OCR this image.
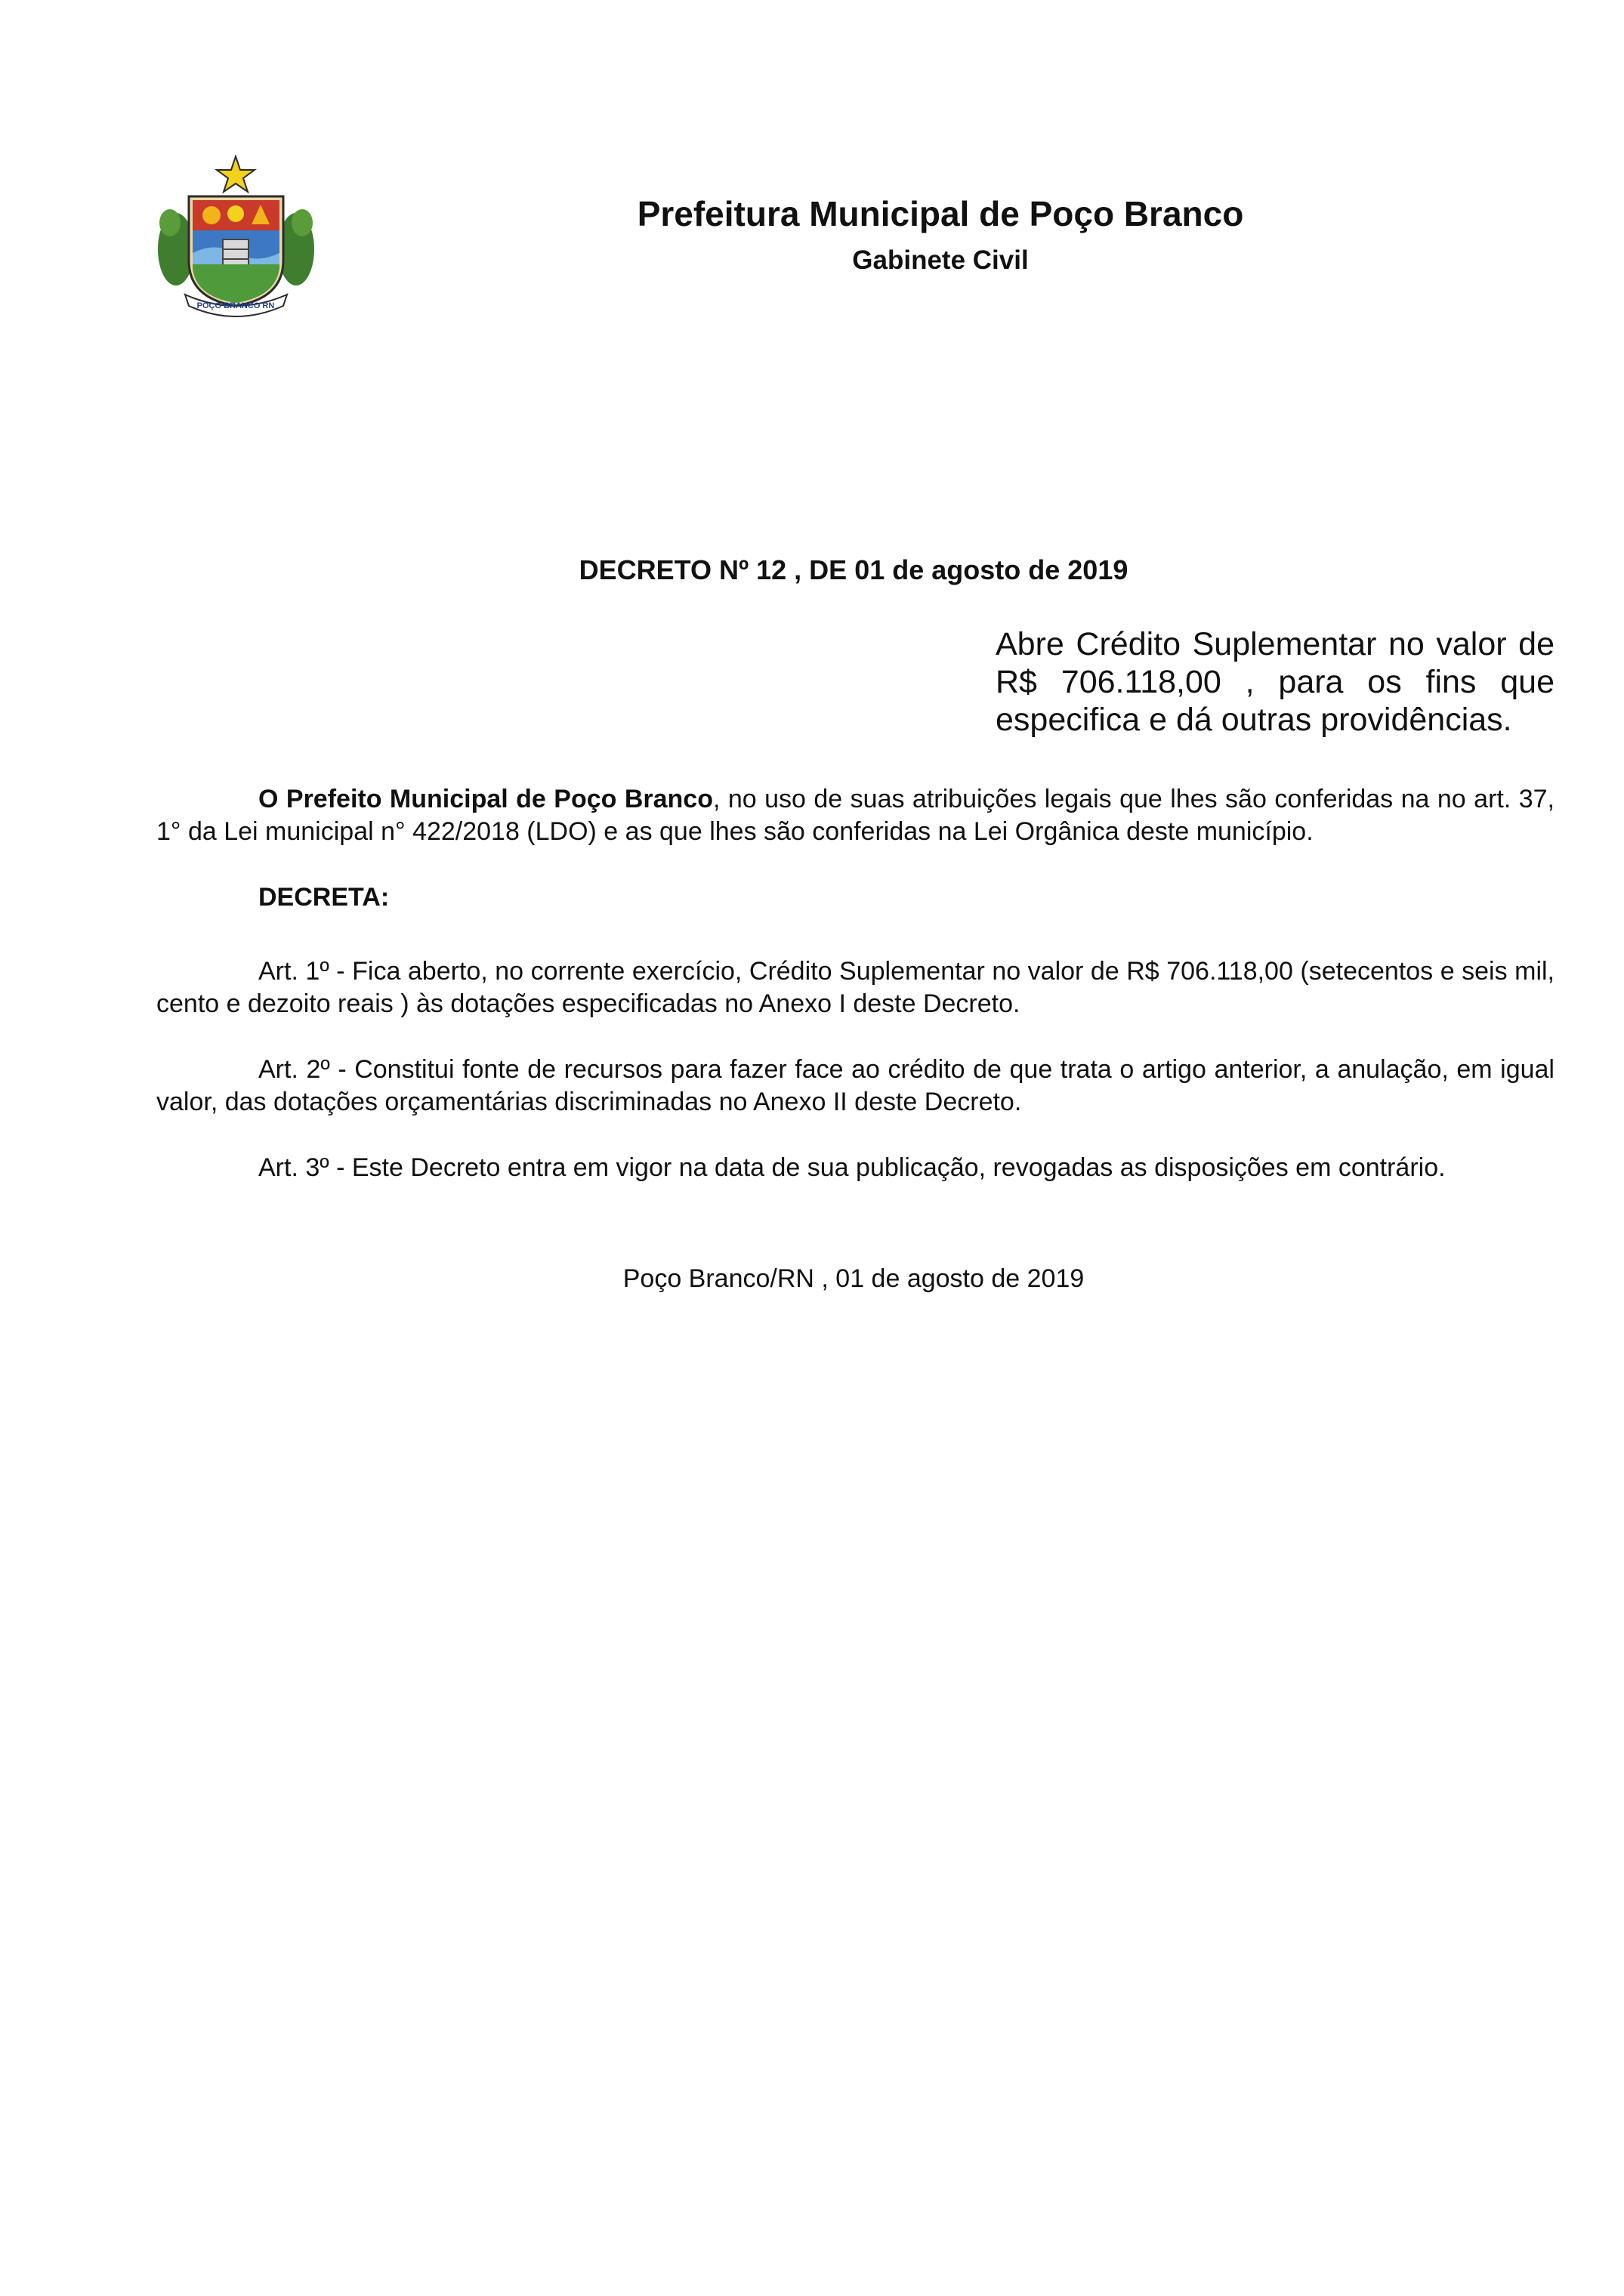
POÇO BRANCO RN
Prefeitura Municipal de Poço Branco
Gabinete Civil
DECRETO Nº 12 , DE 01 de agosto de 2019
Abre Crédito Suplementar no valor de R$ 706.118,00 , para os fins que especifica e dá outras providências.

O Prefeito Municipal de Poço Branco, no uso de suas atribuições legais que lhes são conferidas na no art. 37, 1° da Lei municipal n° 422/2018 (LDO) e as que lhes são conferidas na Lei Orgânica deste município.

DECRETA:

Art. 1º - Fica aberto, no corrente exercício, Crédito Suplementar no valor de R$ 706.118,00 (setecentos e seis mil, cento e dezoito reais ) às dotações especificadas no Anexo I deste Decreto.

Art. 2º - Constitui fonte de recursos para fazer face ao crédito de que trata o artigo anterior, a anulação, em igual valor, das dotações orçamentárias discriminadas no Anexo II deste Decreto.

Art. 3º - Este Decreto entra em vigor na data de sua publicação, revogadas as disposições em contrário.

Poço Branco/RN , 01 de agosto de 2019
